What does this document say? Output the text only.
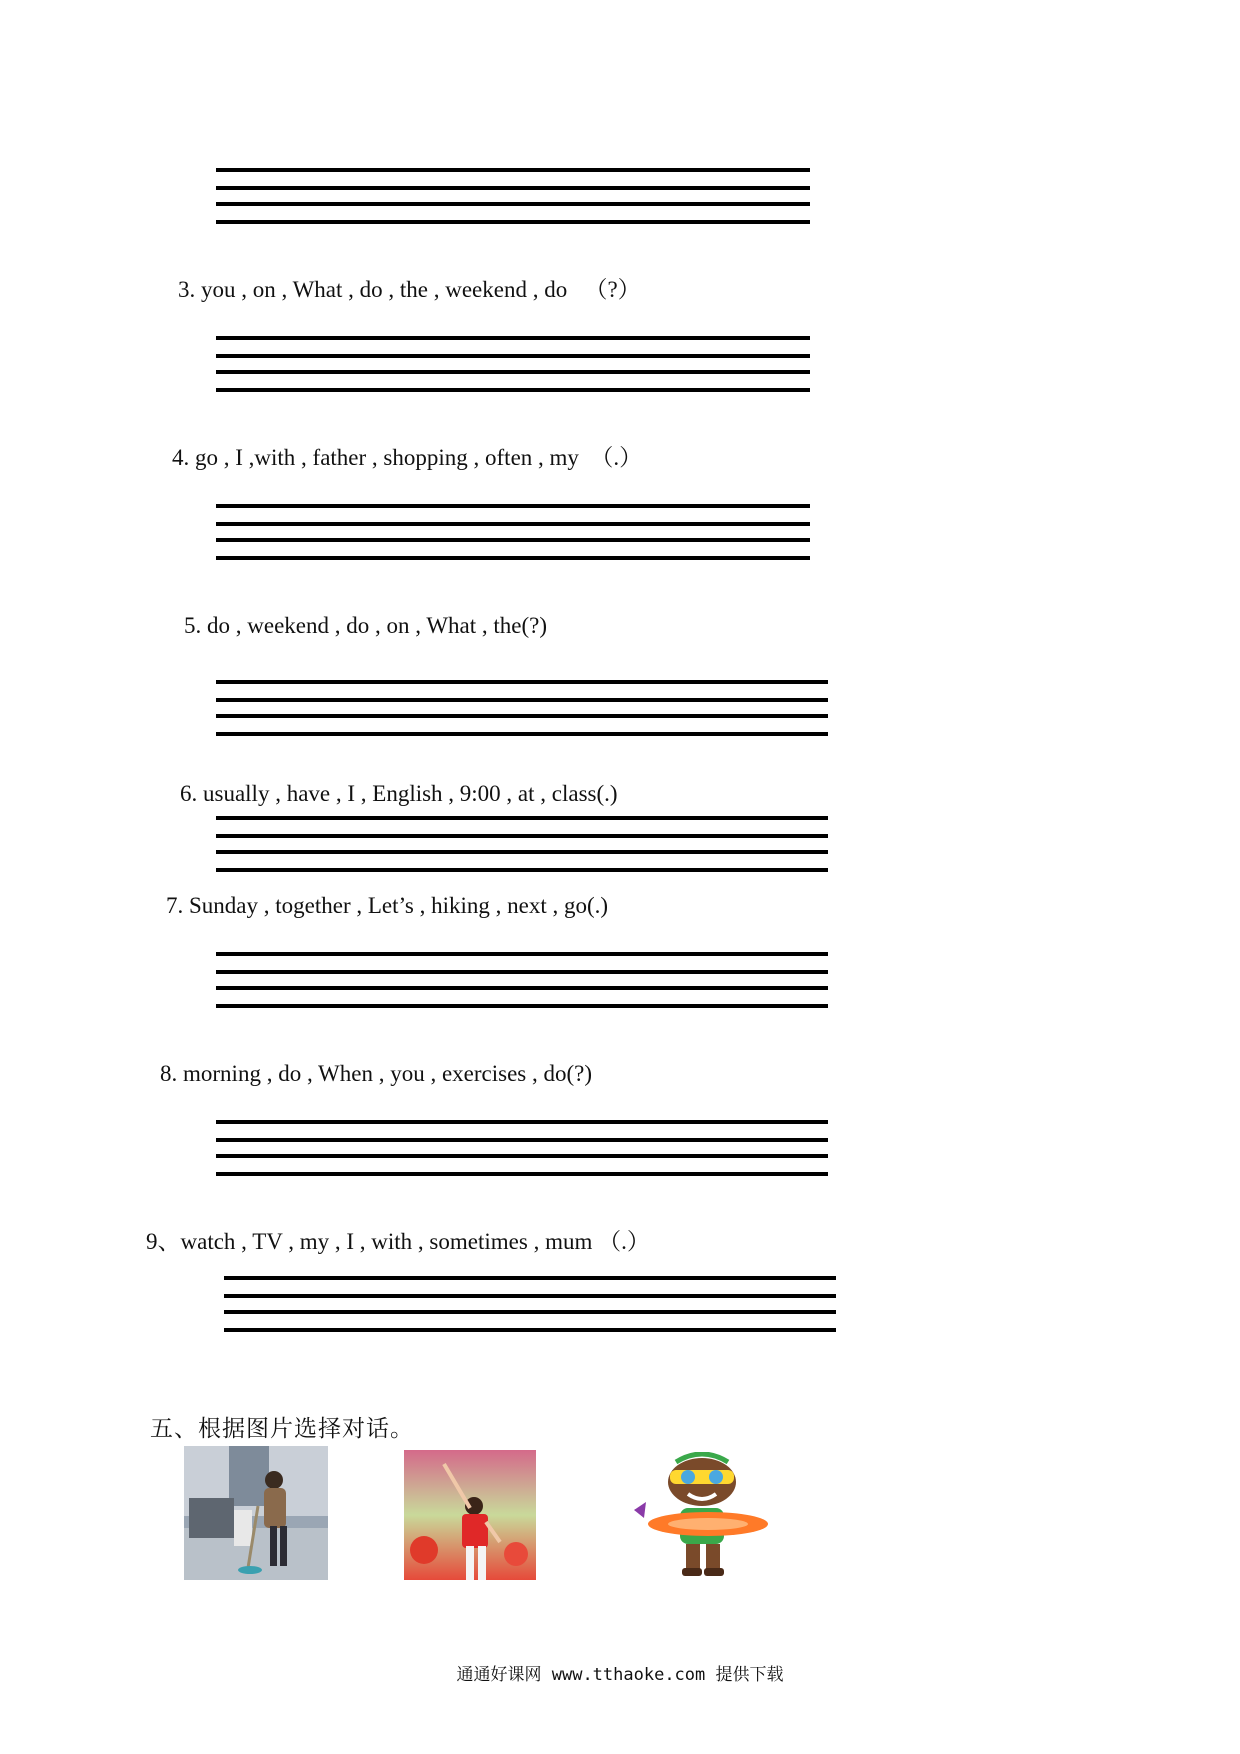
3. you , on , What , do , the , weekend , do   （?）
4. go , I ,with , father , shopping , often , my  （.）
5. do , weekend , do , on , What , the(?)
6. usually , have , I , English , 9:00 , at , class(.)
7. Sunday , together , Let’s , hiking , next , go(.)
8. morning , do , When , you , exercises , do(?)
9、watch , TV , my , I , with , sometimes , mum （.）
五、根据图片选择对话。
通通好课网 www.tthaoke.com 提供下载
